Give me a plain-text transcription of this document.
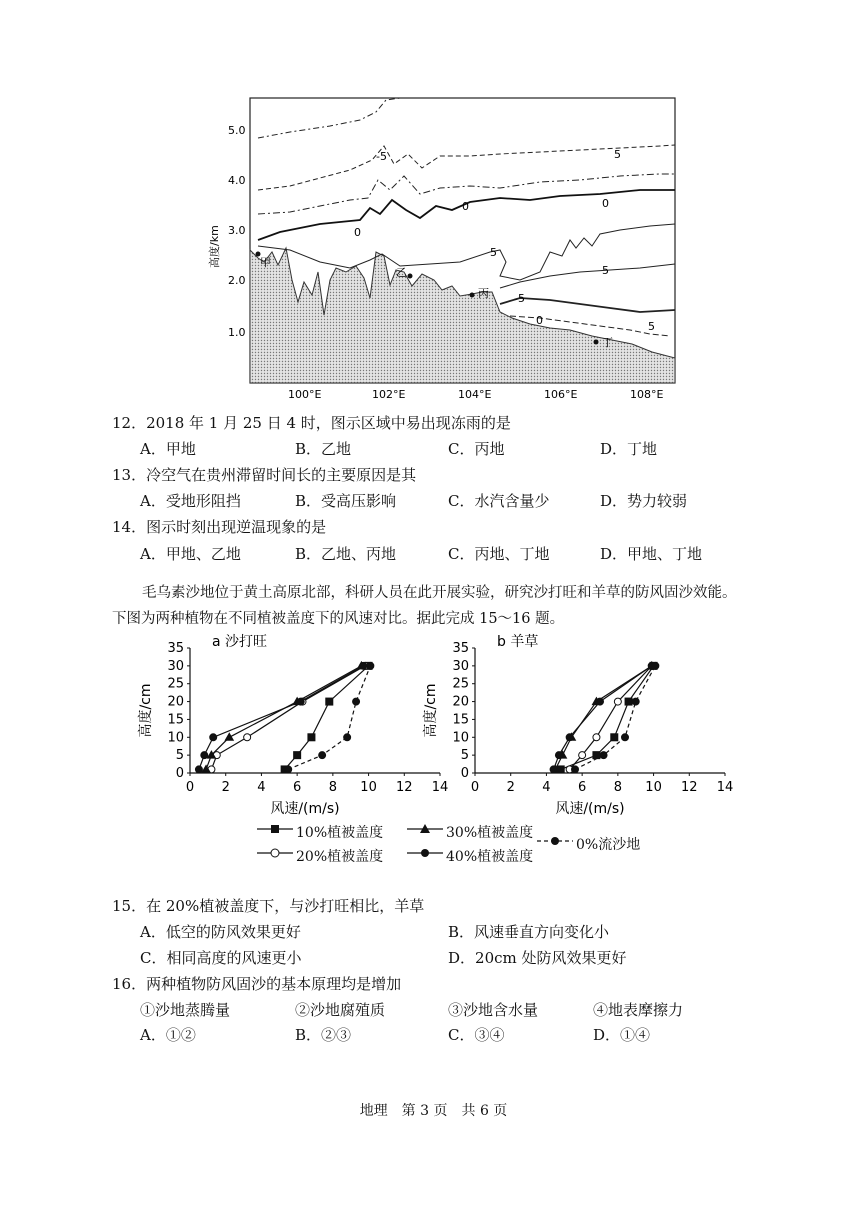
-5	5
0	0
0
5
5
-5
0	5
甲
乙
丙
丁
5.0
4.0
3.0
2.0
1.0
高度/km
100°E	102°E	104°E	106°E	108°E
12．2018 年 1 月 25 日 4 时，图示区域中易出现冻雨的是
A．甲地	B．乙地	C．丙地	D．丁地
13．冷空气在贵州滞留时间长的主要原因是其
A．受地形阻挡	B．受高压影响	C．水汽含量少	D．势力较弱
14．图示时刻出现逆温现象的是
A．甲地、乙地	B．乙地、丙地	C．丙地、丁地	D．甲地、丁地
毛乌素沙地位于黄土高原北部，科研人员在此开展实验，研究沙打旺和羊草的防风固沙效能。
下图为两种植物在不同植被盖度下的风速对比。据此完成 15～16 题。
0
5
10
15
20
25
30
35
0 2 4 6 8 10 12 14
a 沙打旺
风速/(m/s)
高度/cm
0
5
10
15
20
25
30
35
0 2 4 6 8 10 12 14
b 羊草
风速/(m/s)
高度/cm
10%植被盖度	30%植被盖度
20%植被盖度	40%植被盖度
0%流沙地
15．在 20%植被盖度下，与沙打旺相比，羊草
A．低空的防风效果更好	B．风速垂直方向变化小
C．相同高度的风速更小	D．20cm 处防风效果更好
16．两种植物防风固沙的基本原理均是增加
①沙地蒸腾量	②沙地腐殖质	③沙地含水量	④地表摩擦力
A．①②	B．②③	C．③④	D．①④
地理　第 3 页　共 6 页
